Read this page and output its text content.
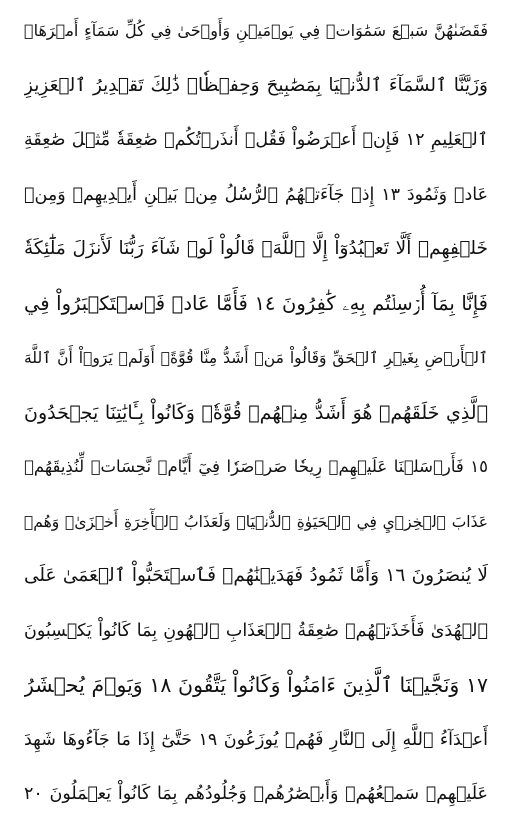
فَقَضَىٰهُنَّ سَبۡعَ سَمَٰوَاتٖ فِي يَوۡمَيۡنِ وَأَوۡحَىٰ فِي كُلِّ سَمَآءٍ أَمۡرَهَاۚ
وَزَيَّنَّا ٱلسَّمَآءَ ٱلدُّنۡيَا بِمَصَٰبِيحَ وَحِفۡظٗاۚ ذَٰلِكَ تَقۡدِيرُ ٱلۡعَزِيزِ
ٱلۡعَلِيمِ ١٢ فَإِنۡ أَعۡرَضُواْ فَقُلۡ أَنذَرۡتُكُمۡ صَٰعِقَةٗ مِّثۡلَ صَٰعِقَةِ
عَادٖ وَثَمُودَ ١٣ إِذۡ جَآءَتۡهُمُ ٱلرُّسُلُ مِنۢ بَيۡنِ أَيۡدِيهِمۡ وَمِنۡ
خَلۡفِهِمۡ أَلَّا تَعۡبُدُوٓاْ إِلَّا ٱللَّهَۖ قَالُواْ لَوۡ شَآءَ رَبُّنَا لَأَنزَلَ مَلَٰٓئِكَةٗ
فَإِنَّا بِمَآ أُرۡسِلۡتُم بِهِۦ كَٰفِرُونَ ١٤ فَأَمَّا عَادٞ فَٱسۡتَكۡبَرُواْ فِي
ٱلۡأَرۡضِ بِغَيۡرِ ٱلۡحَقِّ وَقَالُواْ مَنۡ أَشَدُّ مِنَّا قُوَّةًۖ أَوَلَمۡ يَرَوۡاْ أَنَّ ٱللَّهَ
ٱلَّذِي خَلَقَهُمۡ هُوَ أَشَدُّ مِنۡهُمۡ قُوَّةٗۖ وَكَانُواْ بِـَٔايَٰتِنَا يَجۡحَدُونَ
١٥ فَأَرۡسَلۡنَا عَلَيۡهِمۡ رِيحٗا صَرۡصَرٗا فِيٓ أَيَّامٖ نَّحِسَاتٖ لِّنُذِيقَهُمۡ
عَذَابَ ٱلۡخِزۡيِ فِي ٱلۡحَيَوٰةِ ٱلدُّنۡيَاۖ وَلَعَذَابُ ٱلۡأٓخِرَةِ أَخۡزَىٰۖ وَهُمۡ
لَا يُنصَرُونَ ١٦ وَأَمَّا ثَمُودُ فَهَدَيۡنَٰهُمۡ فَٱسۡتَحَبُّواْ ٱلۡعَمَىٰ عَلَى
ٱلۡهُدَىٰ فَأَخَذَتۡهُمۡ صَٰعِقَةُ ٱلۡعَذَابِ ٱلۡهُونِ بِمَا كَانُواْ يَكۡسِبُونَ
١٧ وَنَجَّيۡنَا ٱلَّذِينَ ءَامَنُواْ وَكَانُواْ يَتَّقُونَ ١٨ وَيَوۡمَ يُحۡشَرُ
أَعۡدَآءُ ٱللَّهِ إِلَى ٱلنَّارِ فَهُمۡ يُوزَعُونَ ١٩ حَتَّىٰٓ إِذَا مَا جَآءُوهَا شَهِدَ
عَلَيۡهِمۡ سَمۡعُهُمۡ وَأَبۡصَٰرُهُمۡ وَجُلُودُهُم بِمَا كَانُواْ يَعۡمَلُونَ ٢٠
